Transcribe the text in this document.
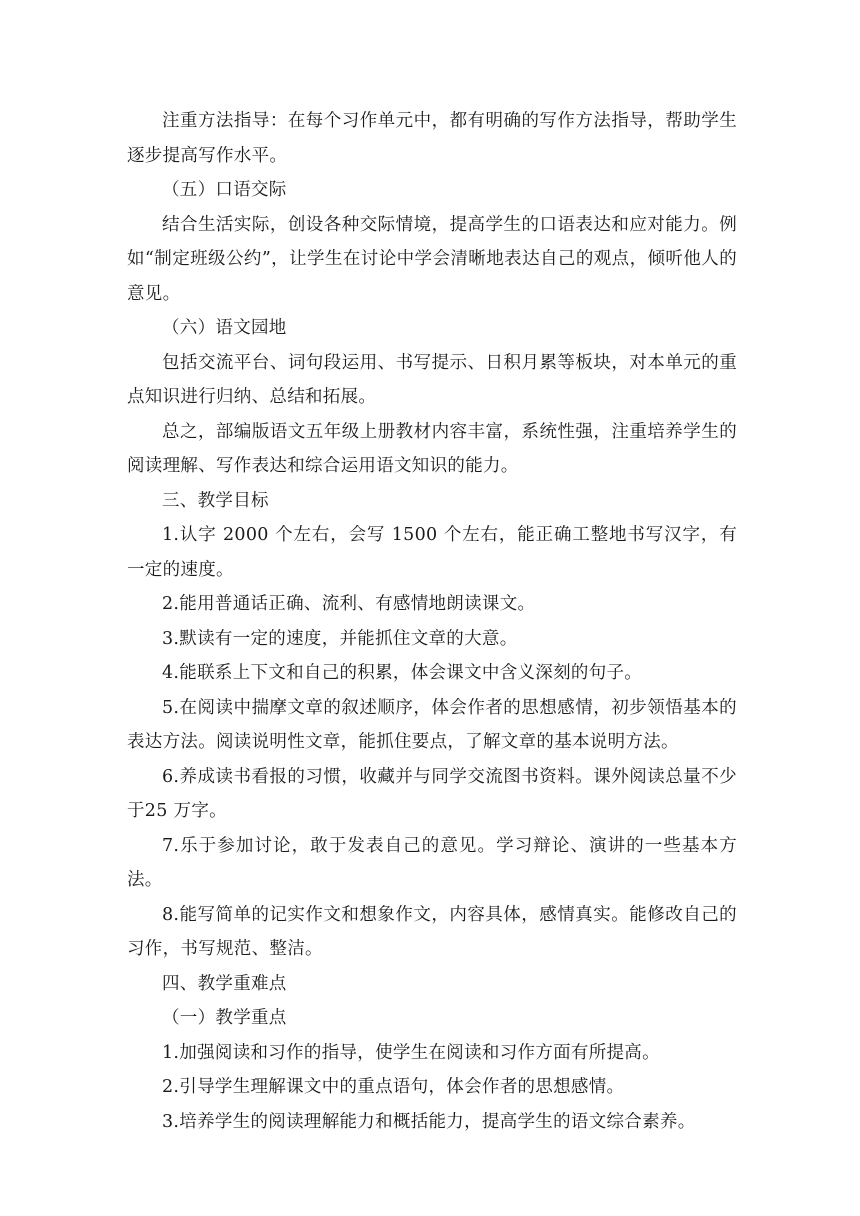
注重方法指导：在每个习作单元中，都有明确的写作方法指导，帮助学生逐步提高写作水平。

（五）口语交际

结合生活实际，创设各种交际情境，提高学生的口语表达和应对能力。例如“制定班级公约”，让学生在讨论中学会清晰地表达自己的观点，倾听他人的意见。

（六）语文园地

包括交流平台、词句段运用、书写提示、日积月累等板块，对本单元的重点知识进行归纳、总结和拓展。

总之，部编版语文五年级上册教材内容丰富，系统性强，注重培养学生的阅读理解、写作表达和综合运用语文知识的能力。

三、教学目标

1.认字 2000 个左右，会写 1500 个左右，能正确工整地书写汉字，有一定的速度。

2.能用普通话正确、流利、有感情地朗读课文。

3.默读有一定的速度，并能抓住文章的大意。

4.能联系上下文和自己的积累，体会课文中含义深刻的句子。

5.在阅读中揣摩文章的叙述顺序，体会作者的思想感情，初步领悟基本的表达方法。阅读说明性文章，能抓住要点，了解文章的基本说明方法。

6.养成读书看报的习惯，收藏并与同学交流图书资料。课外阅读总量不少于25 万字。

7.乐于参加讨论，敢于发表自己的意见。学习辩论、演讲的一些基本方法。

8.能写简单的记实作文和想象作文，内容具体，感情真实。能修改自己的习作，书写规范、整洁。

四、教学重难点

（一）教学重点

1.加强阅读和习作的指导，使学生在阅读和习作方面有所提高。

2.引导学生理解课文中的重点语句，体会作者的思想感情。

3.培养学生的阅读理解能力和概括能力，提高学生的语文综合素养。
